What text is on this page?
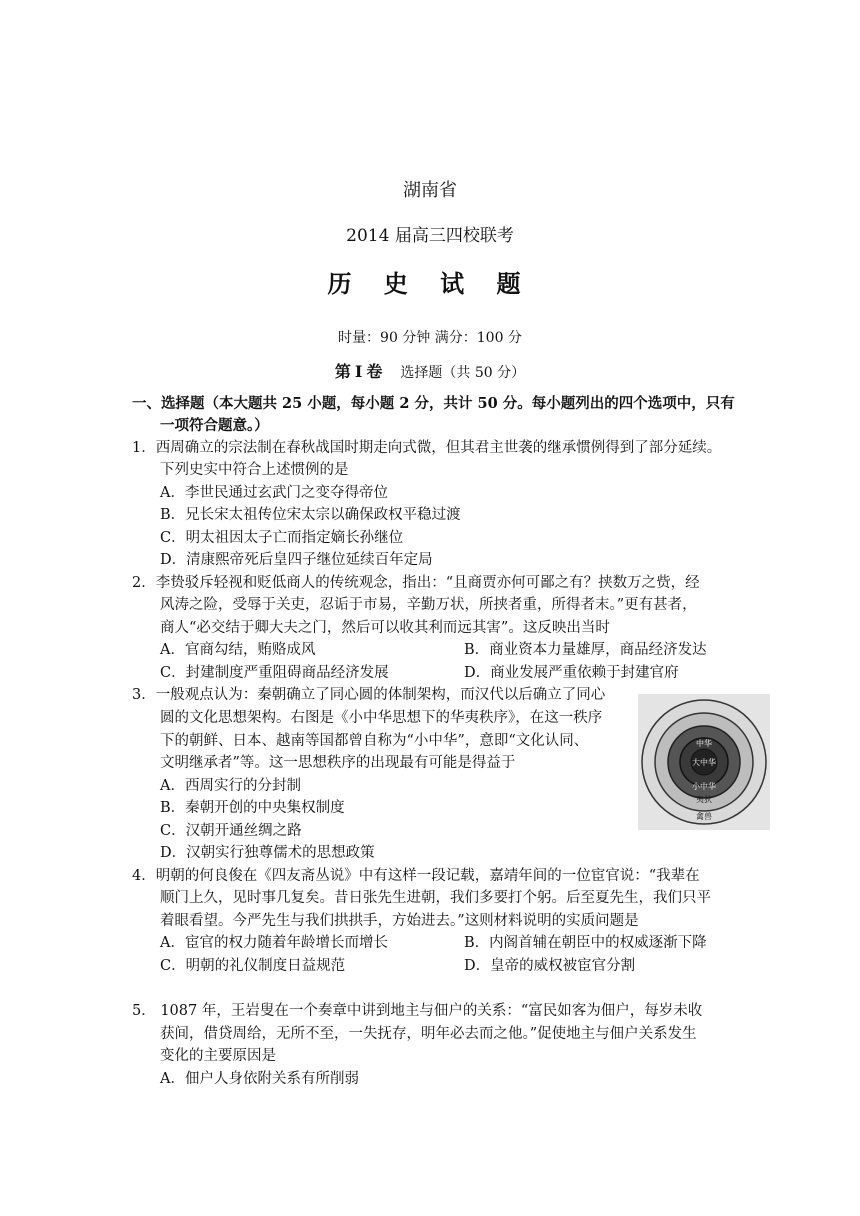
湖南省
2014 届高三四校联考
历 史 试 题
时量：90 分钟 满分：100 分
第Ⅰ卷 选择题（共 50 分）
一、选择题（本大题共 25 小题，每小题 2 分，共计 50 分。每小题列出的四个选项中，只有
一项符合题意。）
1．西周确立的宗法制在春秋战国时期走向式微，但其君主世袭的继承惯例得到了部分延续。
下列史实中符合上述惯例的是
A．李世民通过玄武门之变夺得帝位
B．兄长宋太祖传位宋太宗以确保政权平稳过渡
C．明太祖因太子亡而指定嫡长孙继位
D．清康熙帝死后皇四子继位延续百年定局
2．李贽驳斥轻视和贬低商人的传统观念，指出：“且商贾亦何可鄙之有？挟数万之赀，经
风涛之险，受辱于关吏，忍诟于市易，辛勤万状，所挟者重，所得者末。”更有甚者，
商人“必交结于卿大夫之门，然后可以收其利而远其害”。这反映出当时
A．官商勾结，贿赂成风	B．商业资本力量雄厚，商品经济发达
C．封建制度严重阻碍商品经济发展	D．商业发展严重依赖于封建官府
3．一般观点认为：秦朝确立了同心圆的体制架构，而汉代以后确立了同心
圆的文化思想架构。右图是《小中华思想下的华夷秩序》，在这一秩序
下的朝鲜、日本、越南等国都曾自称为“小中华”，意即“文化认同、
文明继承者”等。这一思想秩序的出现最有可能是得益于
A．西周实行的分封制
B．秦朝开创的中央集权制度
C．汉朝开通丝绸之路
D．汉朝实行独尊儒术的思想政策
中华
大中华
小中华
夷狄
禽兽
4．明朝的何良俊在《四友斋丛说》中有这样一段记载，嘉靖年间的一位宦官说：“我辈在
顺门上久，见时事几复矣。昔日张先生进朝，我们多要打个躬。后至夏先生，我们只平
着眼看望。今严先生与我们拱拱手，方始进去。”这则材料说明的实质问题是
A．宦官的权力随着年龄增长而增长	B．内阁首辅在朝臣中的权威逐渐下降
C．明朝的礼仪制度日益规范	D．皇帝的威权被宦官分割
5． 1087 年，王岩叟在一个奏章中讲到地主与佃户的关系：“富民如客为佃户，每岁未收
获间，借贷周给，无所不至，一失抚存，明年必去而之他。”促使地主与佃户关系发生
变化的主要原因是
A．佃户人身依附关系有所削弱
